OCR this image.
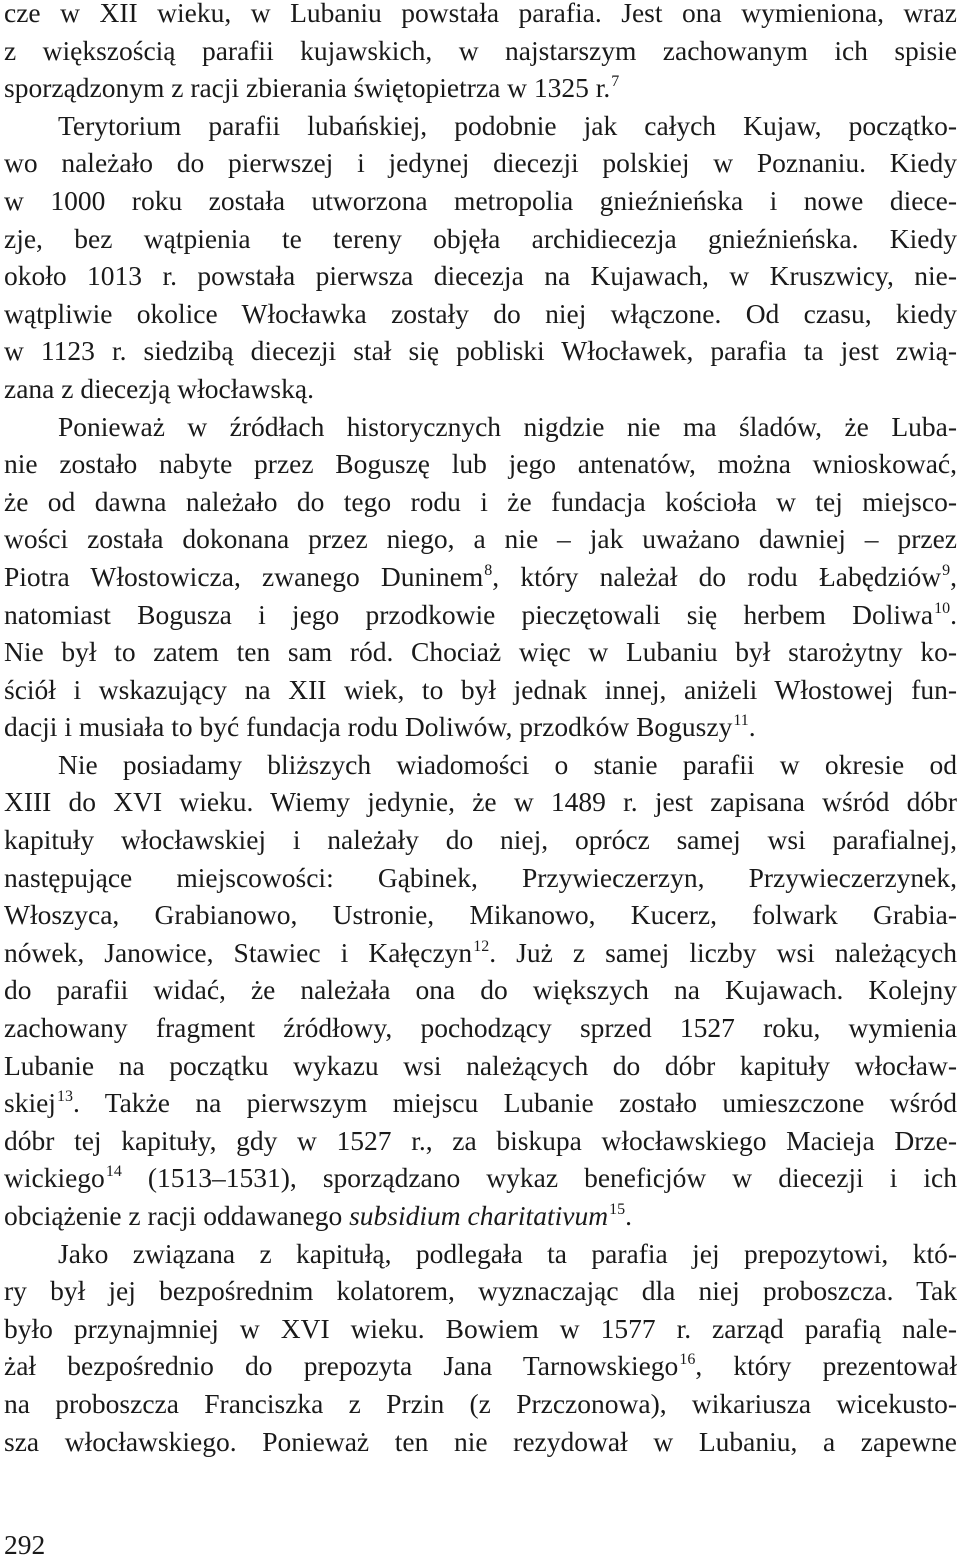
cze w XII wieku, w Lubaniu powstała parafia. Jest ona wymieniona, wraz
z większością parafii kujawskich, w najstarszym zachowanym ich spisie
sporządzonym z racji zbierania świętopietrza w 1325 r.$^7$
Terytorium parafii lubańskiej, podobnie jak całych Kujaw, początko-
wo należało do pierwszej i jedynej diecezji polskiej w Poznaniu. Kiedy
w 1000 roku została utworzona metropolia gnieźnieńska i nowe diece-
zje, bez wątpienia te tereny objęła archidiecezja gnieźnieńska. Kiedy
około 1013 r. powstała pierwsza diecezja na Kujawach, w Kruszwicy, nie-
wątpliwie okolice Włocławka zostały do niej włączone. Od czasu, kiedy
w 1123 r. siedzibą diecezji stał się pobliski Włocławek, parafia ta jest zwią-
zana z diecezją włocławską.
Ponieważ w źródłach historycznych nigdzie nie ma śladów, że Luba-
nie zostało nabyte przez Boguszę lub jego antenatów, można wnioskować,
że od dawna należało do tego rodu i że fundacja kościoła w tej miejsco-
wości została dokonana przez niego, a nie – jak uważano dawniej – przez
Piotra Włostowicza, zwanego Duninem$^8$, który należał do rodu Łabędziów$^9$,
natomiast Bogusza i jego przodkowie pieczętowali się herbem Doliwa$^{10}$.
Nie był to zatem ten sam ród. Chociaż więc w Lubaniu był starożytny ko-
ściół i wskazujący na XII wiek, to był jednak innej, aniżeli Włostowej fun-
dacji i musiała to być fundacja rodu Doliwów, przodków Boguszy$^{11}$.
Nie posiadamy bliższych wiadomości o stanie parafii w okresie od
XIII do XVI wieku. Wiemy jedynie, że w 1489 r. jest zapisana wśród dóbr
kapituły włocławskiej i należały do niej, oprócz samej wsi parafialnej,
następujące miejscowości: Gąbinek, Przywieczerzyn, Przywieczerzynek,
Włoszyca, Grabianowo, Ustronie, Mikanowo, Kucerz, folwark Grabia-
nówek, Janowice, Stawiec i Kałęczyn$^{12}$. Już z samej liczby wsi należących
do parafii widać, że należała ona do większych na Kujawach. Kolejny
zachowany fragment źródłowy, pochodzący sprzed 1527 roku, wymienia
Lubanie na początku wykazu wsi należących do dóbr kapituły włocław-
skiej$^{13}$. Także na pierwszym miejscu Lubanie zostało umieszczone wśród
dóbr tej kapituły, gdy w 1527 r., za biskupa włocławskiego Macieja Drze-
wickiego$^{14}$ (1513–1531), sporządzano wykaz beneficjów w diecezji i ich
obciążenie z racji oddawanego subsidium charitativum$^{15}$.
Jako związana z kapitułą, podlegała ta parafia jej prepozytowi, któ-
ry był jej bezpośrednim kolatorem, wyznaczając dla niej proboszcza. Tak
było przynajmniej w XVI wieku. Bowiem w 1577 r. zarząd parafią nale-
żał bezpośrednio do prepozyta Jana Tarnowskiego$^{16}$, który prezentował
na proboszcza Franciszka z Przin (z Przczonowa), wikariusza wicekusto-
sza włocławskiego. Ponieważ ten nie rezydował w Lubaniu, a zapewne
292
